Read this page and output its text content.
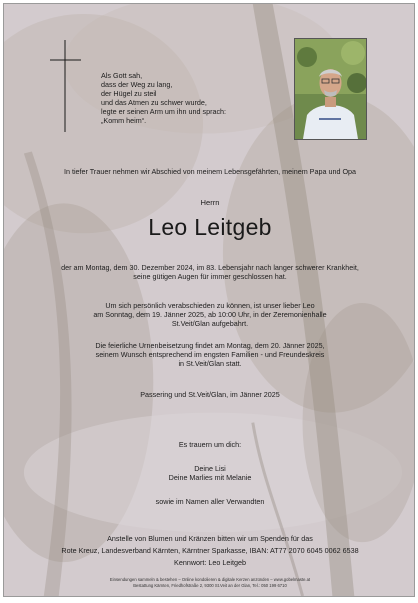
Als Gott sah,
dass der Weg zu lang,
der Hügel zu steil
und das Atmen zu schwer wurde,
legte er seinen Arm um ihn und sprach:
„Komm heim“.
In tiefer Trauer nehmen wir Abschied von meinem Lebensgefährten, meinem Papa und Opa
Herrn
Leo Leitgeb
der am Montag, dem 30. Dezember 2024, im 83. Lebensjahr nach langer schwerer Krankheit,
seine gütigen Augen für immer geschlossen hat.
Um sich persönlich verabschieden zu können, ist unser lieber Leo
am Sonntag, dem 19. Jänner 2025, ab 10:00 Uhr, in der Zeremonienhalle
St.Veit/Glan aufgebahrt.
Die feierliche Urnenbeisetzung findet am Montag, dem 20. Jänner 2025,
seinem Wunsch entsprechend im engsten Familien - und Freundeskreis
in St.Veit/Glan statt.
Passering und St.Veit/Glan, im Jänner 2025
Es trauern um dich:
Deine Lisi
Deine Marlies mit Melanie
sowie im Namen aller Verwandten
Anstelle von Blumen und Kränzen bitten wir um Spenden für das
Rote Kreuz, Landesverband Kärnten, Kärntner Sparkasse, IBAN: AT77 2070 6045 0062 6538
Kennwort: Leo Leitgeb
Einsendungen sammeln & bestehen – Online kondolieren & digitale Kerzen anzünden – www.gobelmaste.at
Bestattung Kärnten, Friedhofstraße 2, 9300 St.Veit an der Glan, Tel.: 050 199 6710
